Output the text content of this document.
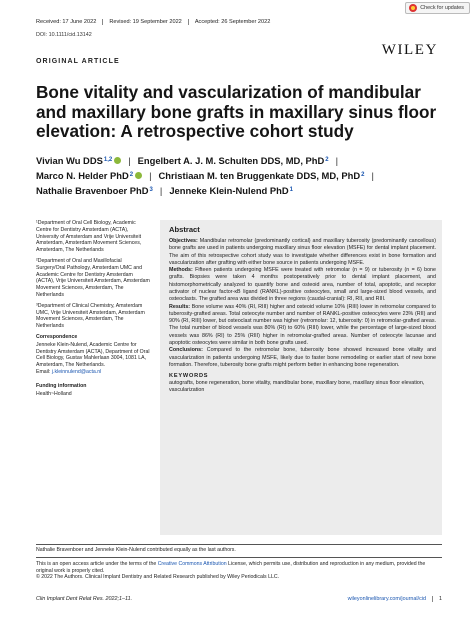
Received: 17 June 2022	Revised: 19 September 2022	Accepted: 26 September 2022
Check for updates
DOI: 10.1111/cid.13142
WILEY
ORIGINAL ARTICLE
Bone vitality and vascularization of mandibular and maxillary bone grafts in maxillary sinus floor elevation: A retrospective cohort study
Vivian Wu DDS 1,2 | Engelbert A. J. M. Schulten DDS, MD, PhD 2 |
Marco N. Helder PhD 2 | Christiaan M. ten Bruggenkate DDS, MD, PhD 2 |
Nathalie Bravenboer PhD 3 | Jenneke Klein-Nulend PhD 1
¹Department of Oral Cell Biology, Academic Centre for Dentistry Amsterdam (ACTA), University of Amsterdam and Vrije Universiteit Amsterdam, Amsterdam Movement Sciences, Amsterdam, The Netherlands
²Department of Oral and Maxillofacial Surgery/Oral Pathology, Amsterdam UMC and Academic Centre for Dentistry Amsterdam (ACTA), Vrije Universiteit Amsterdam, Amsterdam Movement Sciences, Amsterdam, The Netherlands
³Department of Clinical Chemistry, Amsterdam UMC, Vrije Universiteit Amsterdam, Amsterdam Movement Sciences, Amsterdam, The Netherlands
Correspondence
Jenneke Klein-Nulend, Academic Centre for Dentistry Amsterdam (ACTA), Department of Oral Cell Biology, Gustav Mahlerlaan 3004, 1081 LA, Amsterdam, The Netherlands.
Email: j.kleinnulend@acta.nl
Funding information
Health~Holland
Abstract

Objectives: Mandibular retromolar (predominantly cortical) and maxillary tuberosity (predominantly cancellous) bone grafts are used in patients undergoing maxillary sinus floor elevation (MSFE) for dental implant placement. The aim of this retrospective cohort study was to investigate whether differences exist in bone formation and vascularization after grafting with either bone source in patients undergoing MSFE.

Methods: Fifteen patients undergoing MSFE were treated with retromolar (n = 9) or tuberosity (n = 6) bone grafts. Biopsies were taken 4 months postoperatively prior to dental implant placement, and histomorphometrically analyzed to quantify bone and osteoid area, number of total, apoptotic, and receptor activator of nuclear factor-κB ligand (RANKL)-positive osteocytes, small and large-sized blood vessels, and osteoclasts. The grafted area was divided in three regions (caudal-cranial): RI, RII, and RIII.

Results: Bone volume was 40% (RI, RIII) higher and osteoid volume 10% (RIII) lower in retromolar compared to tuberosity-grafted areas. Total osteocyte number and number of RANKL-positive osteocytes were 23% (RII) and 90% (RI, RIII) lower, but osteoclast number was higher (retromolar: 12, tuberosity: 0) in retromolar-grafted areas. The total number of blood vessels was 80% (RI) to 60% (RIII) lower, while the percentage of large-sized blood vessels was 86% (RI) to 25% (RIII) higher in retromolar-grafted areas. Number of osteocyte lacunae and apoptotic osteocytes were similar in both bone grafts used.

Conclusions: Compared to the retromolar bone, tuberosity bone showed increased bone vitality and vascularization in patients undergoing MSFE, likely due to faster bone remodeling or earlier start of new bone formation. Therefore, tuberosity bone grafts might perform better in enhancing bone regeneration.

KEYWORDS
autografts, bone regeneration, bone vitality, mandibular bone, maxillary bone, maxillary sinus floor elevation, vascularization
Nathalie Bravenboer and Jenneke Klein-Nulend contributed equally as the last authors.
This is an open access article under the terms of the Creative Commons Attribution License, which permits use, distribution and reproduction in any medium, provided the original work is properly cited.
© 2022 The Authors. Clinical Implant Dentistry and Related Research published by Wiley Periodicals LLC.
Clin Implant Dent Relat Res. 2022;1–11.	wileyonlinelibrary.com/journal/cid	1
